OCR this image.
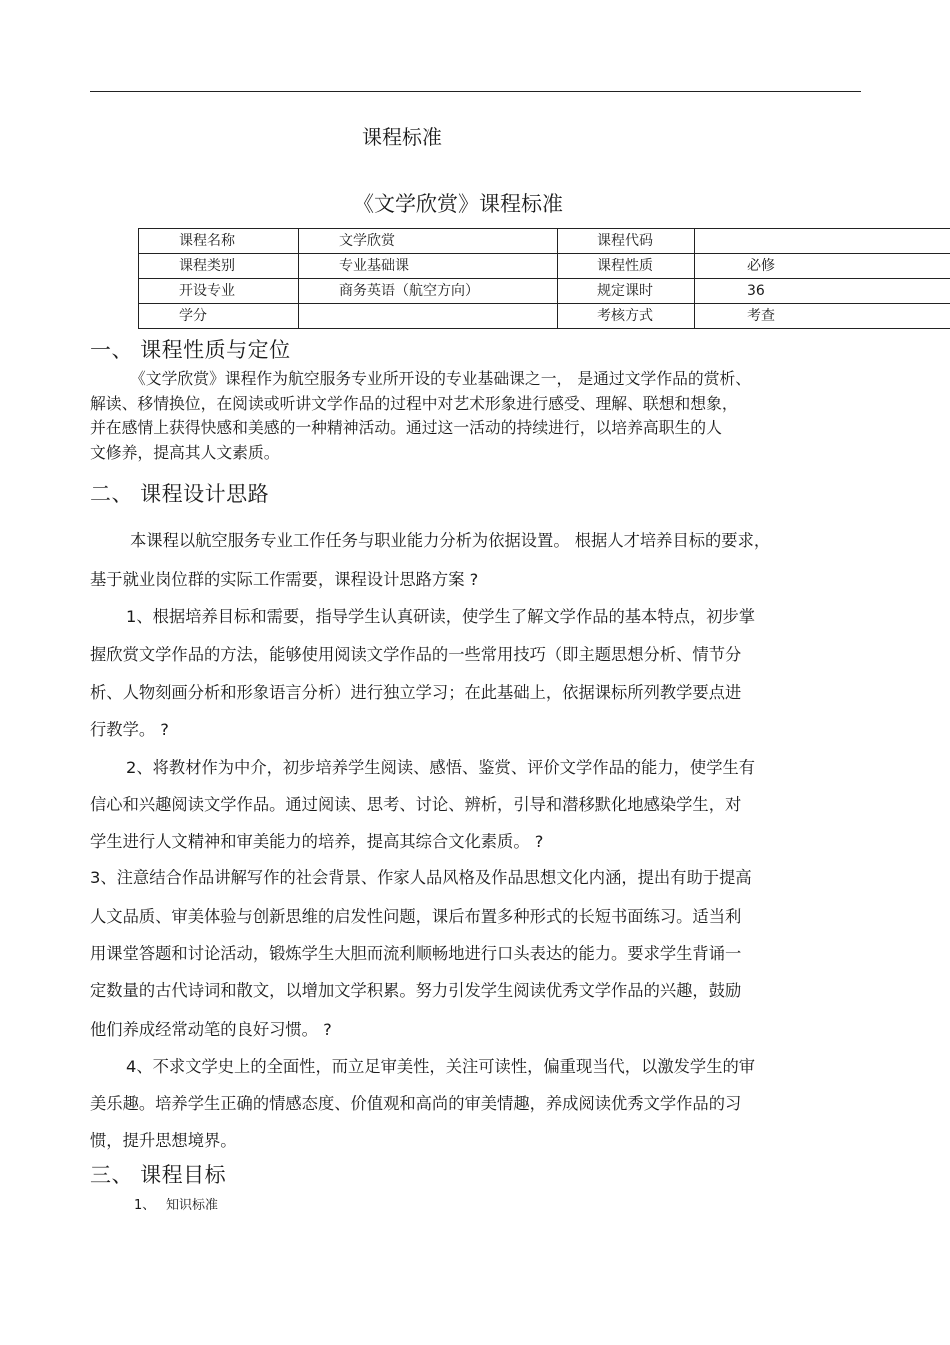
课程标准
《文学欣赏》课程标准
课程名称	文学欣赏	课程代码	
课程类别	专业基础课	课程性质	必修
开设专业	商务英语（航空方向）	规定课时	36
学分		考核方式	考查
一、 课程性质与定位
《文学欣赏》课程作为航空服务专业所开设的专业基础课之一， 是通过文学作品的赏析、
解读、移情换位，在阅读或听讲文学作品的过程中对艺术形象进行感受、理解、联想和想象，
并在感情上获得快感和美感的一种精神活动。通过这一活动的持续进行，以培养高职生的人
文修养，提高其人文素质。
二、 课程设计思路
本课程以航空服务专业工作任务与职业能力分析为依据设置。 根据人才培养目标的要求，
基于就业岗位群的实际工作需要，课程设计思路方案 ?
1、根据培养目标和需要，指导学生认真研读，使学生了解文学作品的基本特点，初步掌
握欣赏文学作品的方法，能够使用阅读文学作品的一些常用技巧（即主题思想分析、情节分
析、人物刻画分析和形象语言分析）进行独立学习；在此基础上，依据课标所列教学要点进
行教学。 ?
2、将教材作为中介，初步培养学生阅读、感悟、鉴赏、评价文学作品的能力，使学生有
信心和兴趣阅读文学作品。通过阅读、思考、讨论、辨析，引导和潜移默化地感染学生，对
学生进行人文精神和审美能力的培养，提高其综合文化素质。 ?
3、注意结合作品讲解写作的社会背景、作家人品风格及作品思想文化内涵，提出有助于提高
人文品质、审美体验与创新思维的启发性问题，课后布置多种形式的长短书面练习。适当利
用课堂答题和讨论活动，锻炼学生大胆而流利顺畅地进行口头表达的能力。要求学生背诵一
定数量的古代诗词和散文，以增加文学积累。努力引发学生阅读优秀文学作品的兴趣，鼓励
他们养成经常动笔的良好习惯。 ?
4、不求文学史上的全面性，而立足审美性，关注可读性，偏重现当代，以激发学生的审
美乐趣。培养学生正确的情感态度、价值观和高尚的审美情趣，养成阅读优秀文学作品的习
惯，提升思想境界。
三、 课程目标
1、 知识标准
